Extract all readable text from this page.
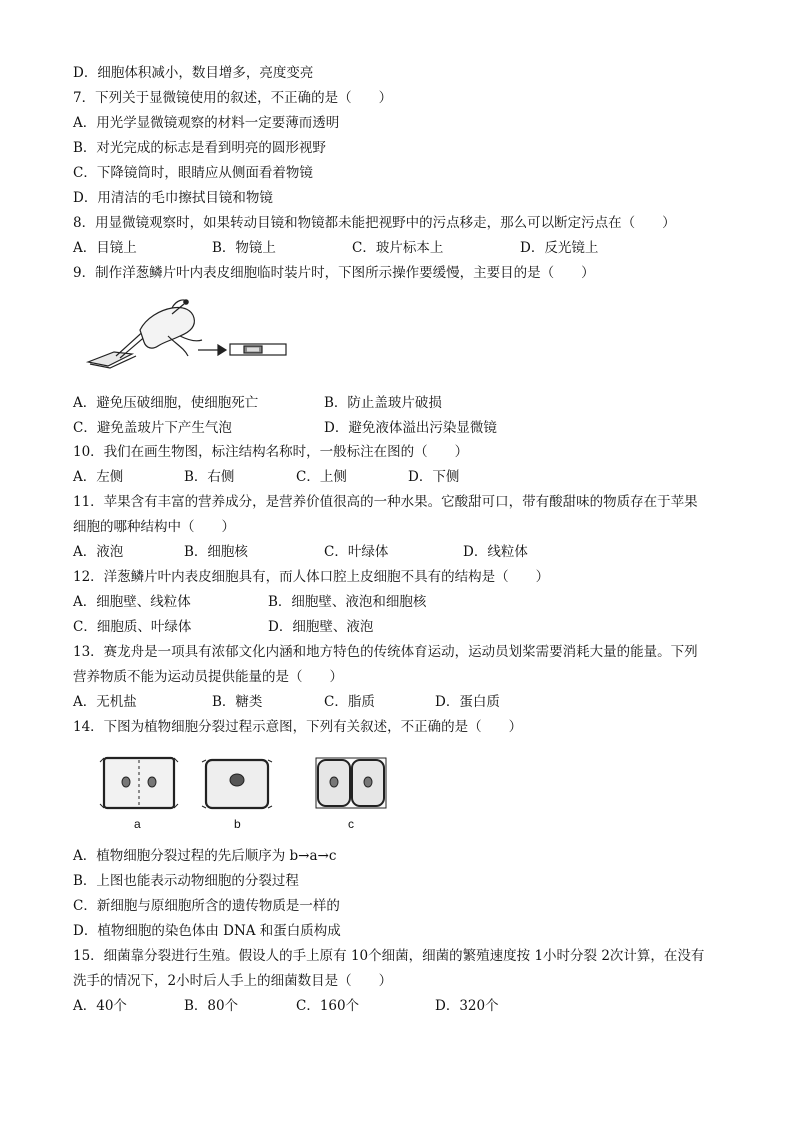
D．细胞体积减小，数目增多，亮度变亮
7．下列关于显微镜使用的叙述，不正确的是（　　）
A．用光学显微镜观察的材料一定要薄而透明
B．对光完成的标志是看到明亮的圆形视野
C．下降镜筒时，眼睛应从侧面看着物镜
D．用清洁的毛巾擦拭目镜和物镜
8．用显微镜观察时，如果转动目镜和物镜都未能把视野中的污点移走，那么可以断定污点在（　　）
A．目镜上	B．物镜上	C．玻片标本上	D．反光镜上
9．制作洋葱鳞片叶内表皮细胞临时装片时，下图所示操作要缓慢，主要目的是（　　）
A．避免压破细胞，使细胞死亡	B．防止盖玻片破损
C．避免盖玻片下产生气泡	D．避免液体溢出污染显微镜
10．我们在画生物图，标注结构名称时，一般标注在图的（　　）
A．左侧	B．右侧	C．上侧	D．下侧
11．苹果含有丰富的营养成分，是营养价值很高的一种水果。它酸甜可口，带有酸甜味的物质存在于苹果
细胞的哪种结构中（　　）
A．液泡	B．细胞核	C．叶绿体	D．线粒体
12．洋葱鳞片叶内表皮细胞具有，而人体口腔上皮细胞不具有的结构是（　　）
A．细胞壁、线粒体	B．细胞壁、液泡和细胞核
C．细胞质、叶绿体	D．细胞壁、液泡
13．赛龙舟是一项具有浓郁文化内涵和地方特色的传统体育运动，运动员划桨需要消耗大量的能量。下列
营养物质不能为运动员提供能量的是（　　）
A．无机盐	B．糖类	C．脂质	D．蛋白质
14．下图为植物细胞分裂过程示意图，下列有关叙述，不正确的是（　　）
a	b	c
A．植物细胞分裂过程的先后顺序为 b→a→c
B．上图也能表示动物细胞的分裂过程
C．新细胞与原细胞所含的遗传物质是一样的
D．植物细胞的染色体由 DNA 和蛋白质构成
15．细菌靠分裂进行生殖。假设人的手上原有 10个细菌，细菌的繁殖速度按 1小时分裂 2次计算，在没有
洗手的情况下，2小时后人手上的细菌数目是（　　）
A．40个	B．80个	C．160个	D．320个
